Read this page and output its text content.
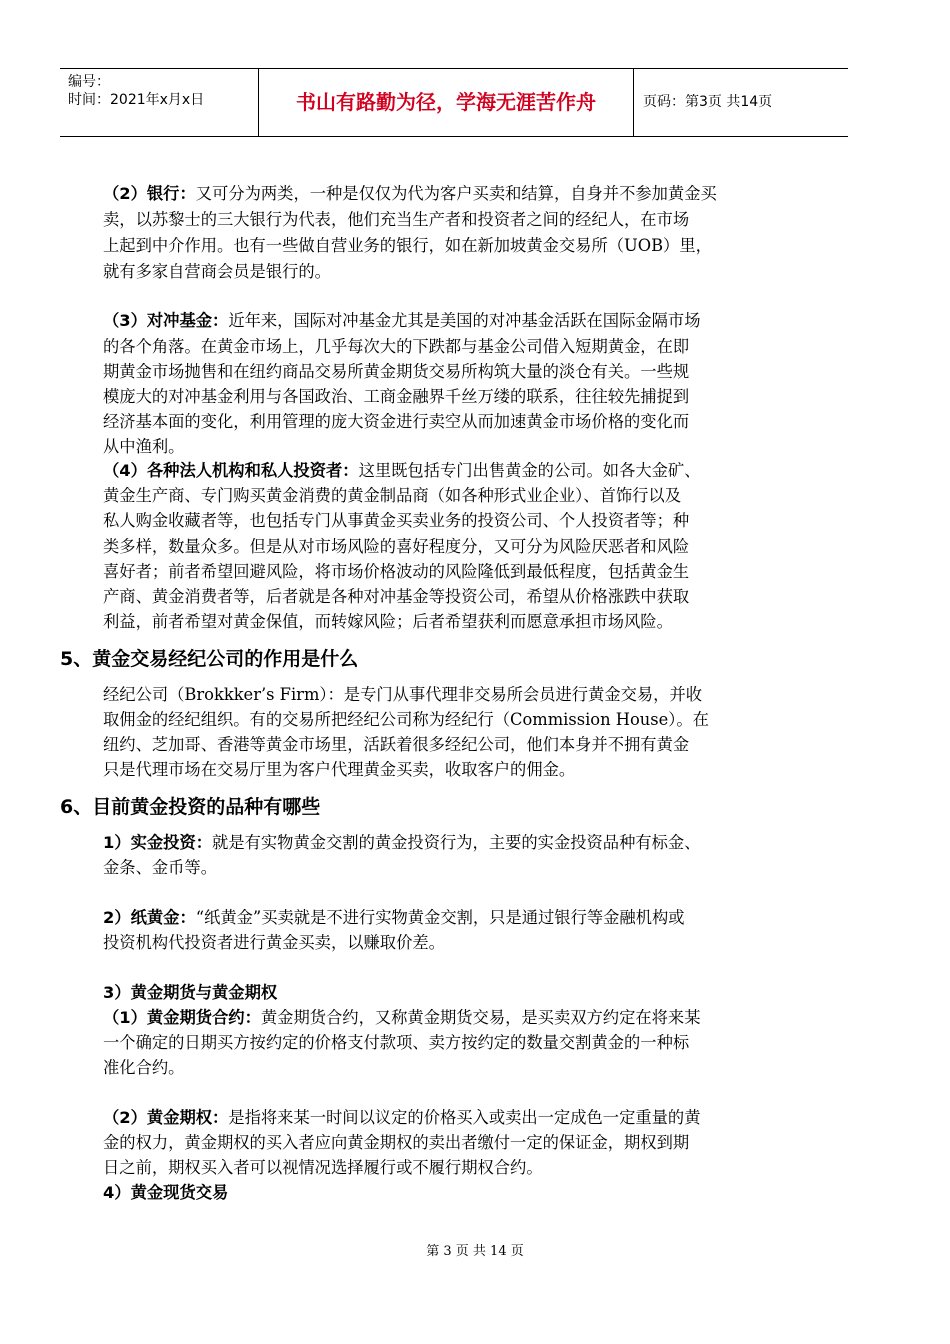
编号：
时间：2021年x月x日	书山有路勤为径，学海无涯苦作舟	页码：第3页 共14页
（2）银行：又可分为两类，一种是仅仅为代为客户买卖和结算，自身并不参加黄金买
卖，以苏黎士的三大银行为代表，他们充当生产者和投资者之间的经纪人，在市场
上起到中介作用。也有一些做自营业务的银行，如在新加坡黄金交易所（UOB）里，
就有多家自营商会员是银行的。
（3）对冲基金：近年来，国际对冲基金尤其是美国的对冲基金活跃在国际金隔市场
的各个角落。在黄金市场上，几乎每次大的下跌都与基金公司借入短期黄金，在即
期黄金市场抛售和在纽约商品交易所黄金期货交易所构筑大量的淡仓有关。一些规
模庞大的对冲基金利用与各国政治、工商金融界千丝万缕的联系，往往较先捕捉到
经济基本面的变化，利用管理的庞大资金进行卖空从而加速黄金市场价格的变化而
从中渔利。
（4）各种法人机构和私人投资者：这里既包括专门出售黄金的公司。如各大金矿、
黄金生产商、专门购买黄金消费的黄金制品商（如各种形式业企业）、首饰行以及
私人购金收藏者等，也包括专门从事黄金买卖业务的投资公司、个人投资者等；种
类多样，数量众多。但是从对市场风险的喜好程度分，又可分为风险厌恶者和风险
喜好者；前者希望回避风险，将市场价格波动的风险隆低到最低程度，包括黄金生
产商、黄金消费者等，后者就是各种对冲基金等投资公司，希望从价格涨跌中获取
利益，前者希望对黄金保值，而转嫁风险；后者希望获利而愿意承担市场风险。
5、黄金交易经纪公司的作用是什么
经纪公司（Brokkker’s Firm）：是专门从事代理非交易所会员进行黄金交易，并收
取佣金的经纪组织。有的交易所把经纪公司称为经纪行（Commission House）。在
纽约、芝加哥、香港等黄金市场里，活跃着很多经纪公司，他们本身并不拥有黄金
只是代理市场在交易厅里为客户代理黄金买卖，收取客户的佣金。
6、目前黄金投资的品种有哪些
1）实金投资：就是有实物黄金交割的黄金投资行为，主要的实金投资品种有标金、
金条、金币等。
2）纸黄金：“纸黄金”买卖就是不进行实物黄金交割，只是通过银行等金融机构或
投资机构代投资者进行黄金买卖，以赚取价差。
3）黄金期货与黄金期权
（1）黄金期货合约：黄金期货合约，又称黄金期货交易，是买卖双方约定在将来某
一个确定的日期买方按约定的价格支付款项、卖方按约定的数量交割黄金的一种标
准化合约。
（2）黄金期权：是指将来某一时间以议定的价格买入或卖出一定成色一定重量的黄
金的权力，黄金期权的买入者应向黄金期权的卖出者缴付一定的保证金，期权到期
日之前，期权买入者可以视情况选择履行或不履行期权合约。
4）黄金现货交易
第 3 页 共 14 页
